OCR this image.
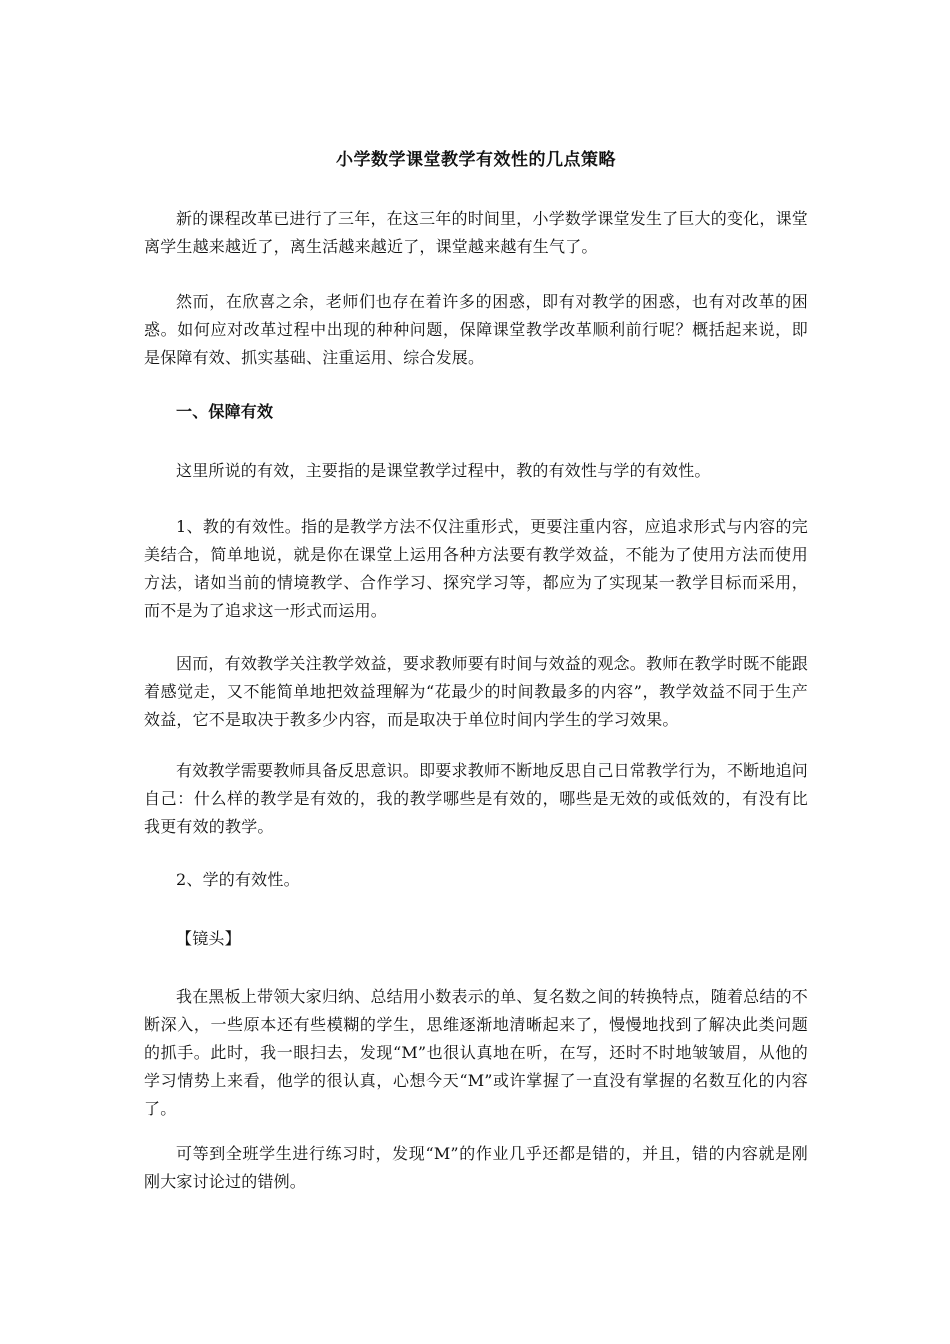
小学数学课堂教学有效性的几点策略

新的课程改革已进行了三年，在这三年的时间里，小学数学课堂发生了巨大的变化，课堂离学生越来越近了，离生活越来越近了，课堂越来越有生气了。

然而，在欣喜之余，老师们也存在着许多的困惑，即有对教学的困惑，也有对改革的困惑。如何应对改革过程中出现的种种问题，保障课堂教学改革顺利前行呢？概括起来说，即是保障有效、抓实基础、注重运用、综合发展。

一、保障有效

这里所说的有效，主要指的是课堂教学过程中，教的有效性与学的有效性。

1、教的有效性。指的是教学方法不仅注重形式，更要注重内容，应追求形式与内容的完美结合，简单地说，就是你在课堂上运用各种方法要有教学效益，不能为了使用方法而使用方法，诸如当前的情境教学、合作学习、探究学习等，都应为了实现某一教学目标而采用，而不是为了追求这一形式而运用。

因而，有效教学关注教学效益，要求教师要有时间与效益的观念。教师在教学时既不能跟着感觉走，又不能简单地把效益理解为“花最少的时间教最多的内容”，教学效益不同于生产效益，它不是取决于教多少内容，而是取决于单位时间内学生的学习效果。

有效教学需要教师具备反思意识。即要求教师不断地反思自己日常教学行为，不断地追问自己：什么样的教学是有效的，我的教学哪些是有效的，哪些是无效的或低效的，有没有比我更有效的教学。

2、学的有效性。

【镜头】

我在黑板上带领大家归纳、总结用小数表示的单、复名数之间的转换特点，随着总结的不断深入，一些原本还有些模糊的学生，思维逐渐地清晰起来了，慢慢地找到了解决此类问题的抓手。此时，我一眼扫去，发现“M”也很认真地在听，在写，还时不时地皱皱眉，从他的学习情势上来看，他学的很认真，心想今天“M”或许掌握了一直没有掌握的名数互化的内容了。

可等到全班学生进行练习时，发现“M”的作业几乎还都是错的，并且，错的内容就是刚刚大家讨论过的错例。
